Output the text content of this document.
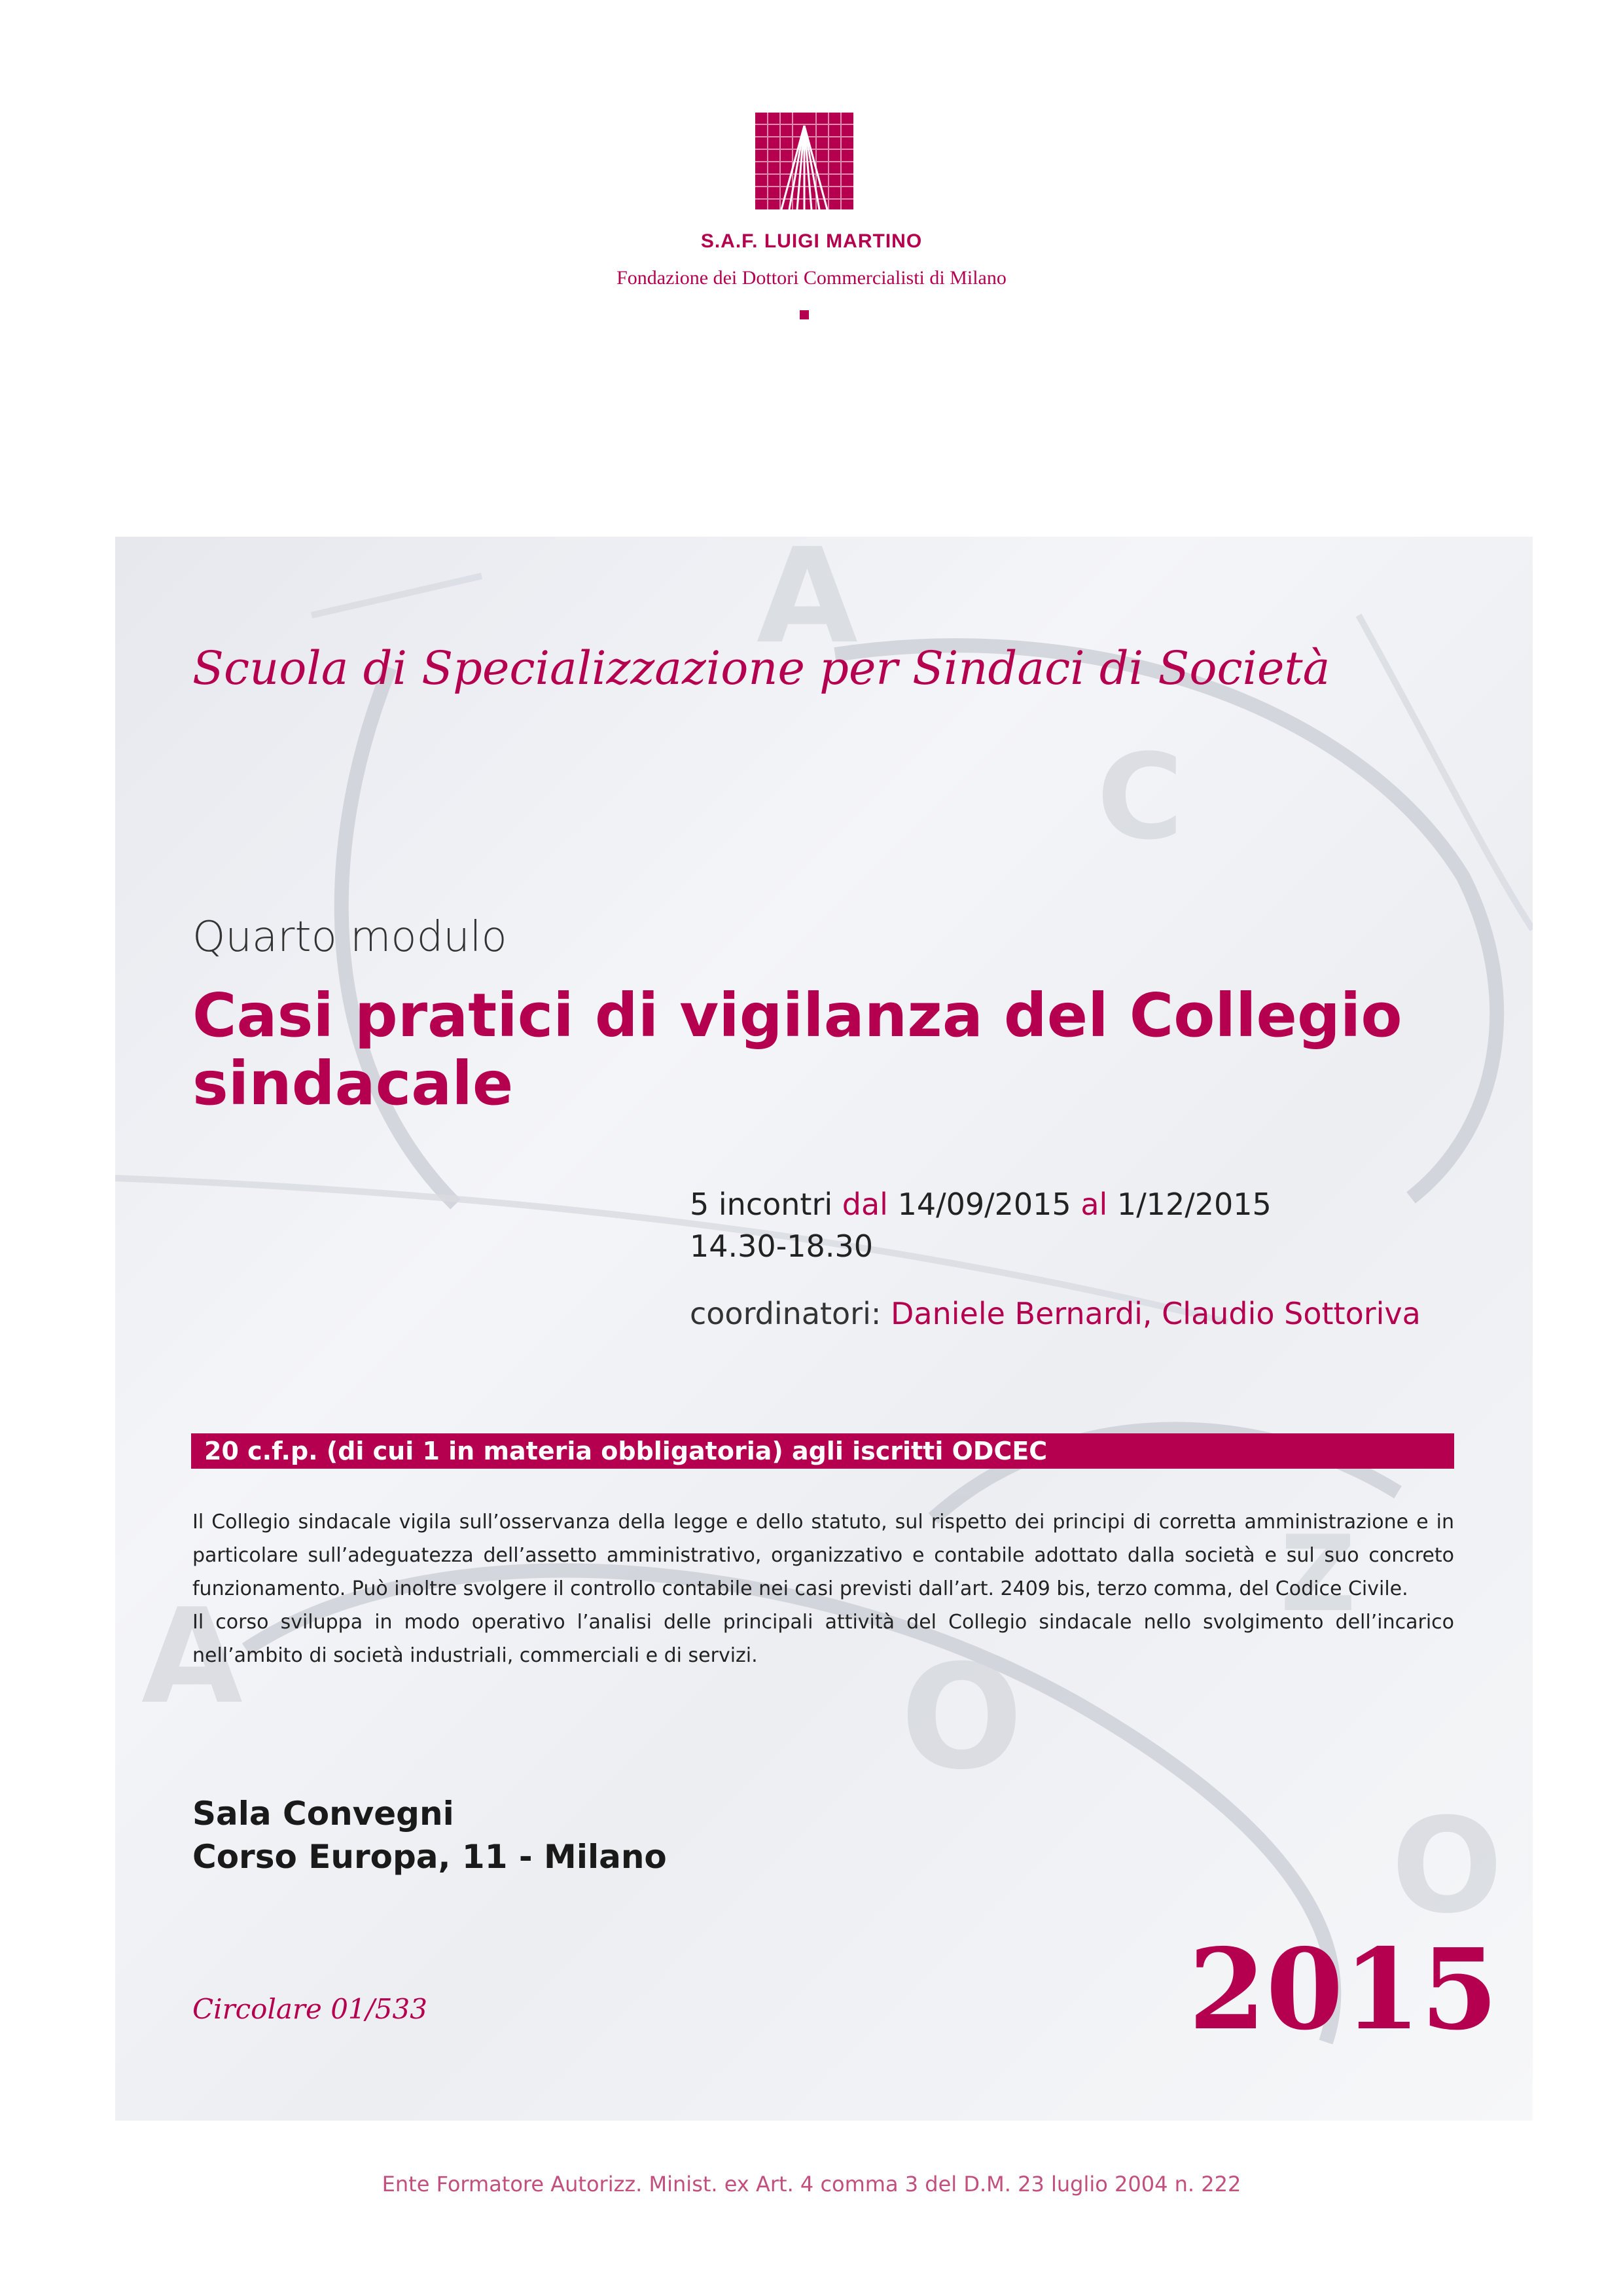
S.A.F. LUIGI MARTINO
Fondazione dei Dottori Commercialisti di Milano
A
C
O
Z
A
O
Scuola di Specializzazione per Sindaci di Società
Quarto modulo
Casi pratici di vigilanza del Collegio sindacale
5 incontri dal 14/09/2015 al 1/12/2015
14.30-18.30
coordinatori: Daniele Bernardi, Claudio Sottoriva
20 c.f.p. (di cui 1 in materia obbligatoria) agli iscritti ODCEC

Il Collegio sindacale vigila sull’osservanza della legge e dello statuto, sul rispetto dei principi di corretta amministrazione e in particolare sull’adeguatezza dell’assetto amministrativo, organizzativo e contabile adottato dalla società e sul suo concreto funzionamento. Può inoltre svolgere il controllo contabile nei casi previsti dall’art. 2409 bis, terzo comma, del Codice Civile.

Il corso sviluppa in modo operativo l’analisi delle principali attività del Collegio sindacale nello svolgimento dell’incarico nell’ambito di società industriali, commerciali e di servizi.

Sala Convegni
Corso Europa, 11 - Milano
Circolare 01/533	2015
Ente Formatore Autorizz. Minist. ex Art. 4 comma 3 del D.M. 23 luglio 2004 n. 222
